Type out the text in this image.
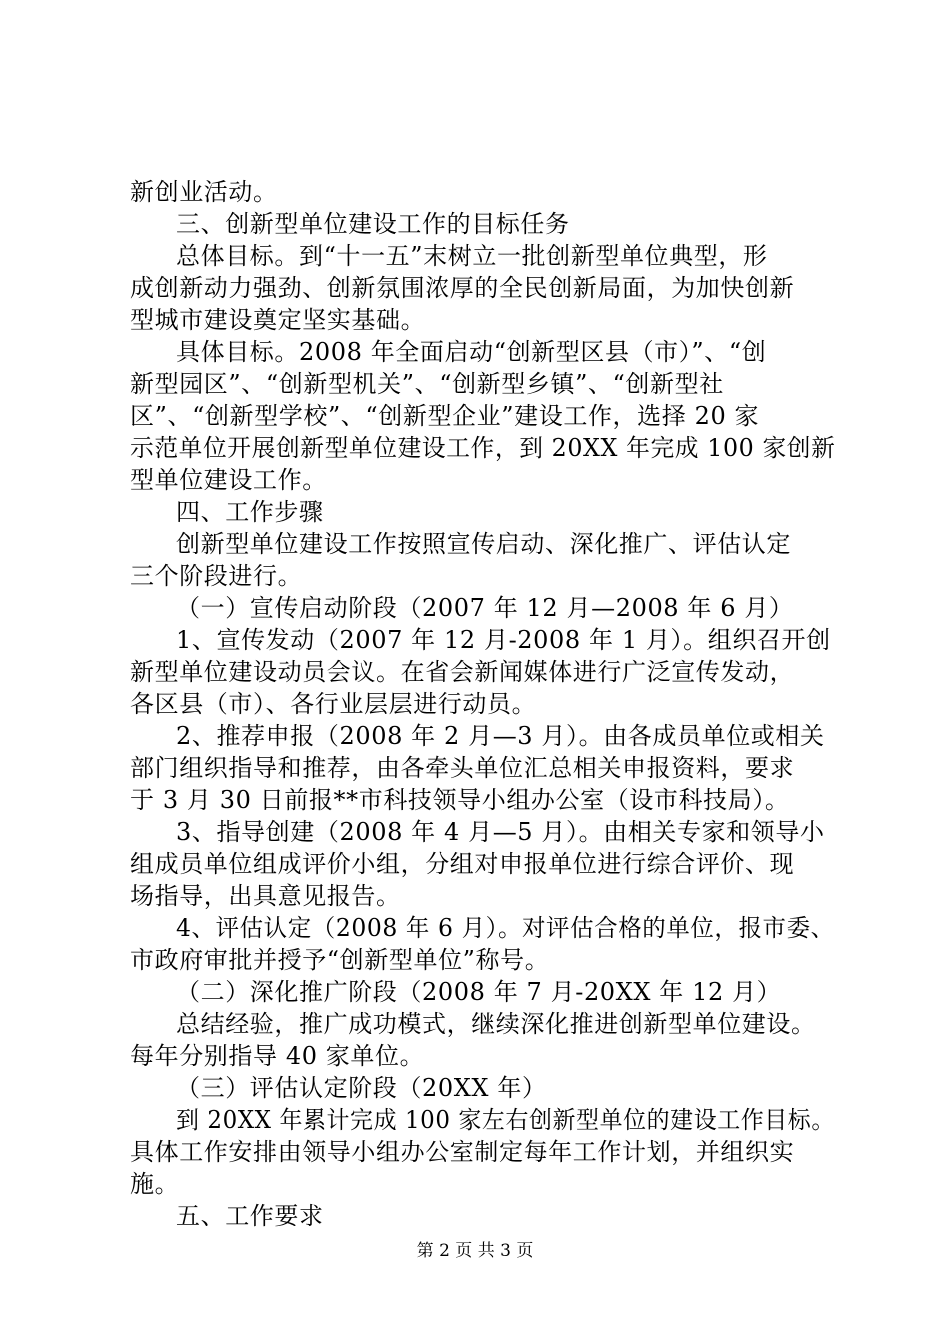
新创业活动。
三、创新型单位建设工作的目标任务
总体目标。到“十一五”末树立一批创新型单位典型，形
成创新动力强劲、创新氛围浓厚的全民创新局面，为加快创新
型城市建设奠定坚实基础。
具体目标。2008 年全面启动“创新型区县（市）”、“创
新型园区”、“创新型机关”、“创新型乡镇”、“创新型社
区”、“创新型学校”、“创新型企业”建设工作，选择 20 家
示范单位开展创新型单位建设工作，到 20XX 年完成 100 家创新
型单位建设工作。
四、工作步骤
创新型单位建设工作按照宣传启动、深化推广、评估认定
三个阶段进行。
（一）宣传启动阶段（2007 年 12 月—2008 年 6 月）
1、宣传发动（2007 年 12 月-2008 年 1 月）。组织召开创
新型单位建设动员会议。在省会新闻媒体进行广泛宣传发动，
各区县（市）、各行业层层进行动员。
2、推荐申报（2008 年 2 月—3 月）。由各成员单位或相关
部门组织指导和推荐，由各牵头单位汇总相关申报资料，要求
于 3 月 30 日前报**市科技领导小组办公室（设市科技局）。
3、指导创建（2008 年 4 月—5 月）。由相关专家和领导小
组成员单位组成评价小组，分组对申报单位进行综合评价、现
场指导，出具意见报告。
4、评估认定（2008 年 6 月）。对评估合格的单位，报市委、
市政府审批并授予“创新型单位”称号。
（二）深化推广阶段（2008 年 7 月-20XX 年 12 月）
总结经验，推广成功模式，继续深化推进创新型单位建设。
每年分别指导 40 家单位。
（三）评估认定阶段（20XX 年）
到 20XX 年累计完成 100 家左右创新型单位的建设工作目标。
具体工作安排由领导小组办公室制定每年工作计划，并组织实
施。
五、工作要求
第 2 页 共 3 页
